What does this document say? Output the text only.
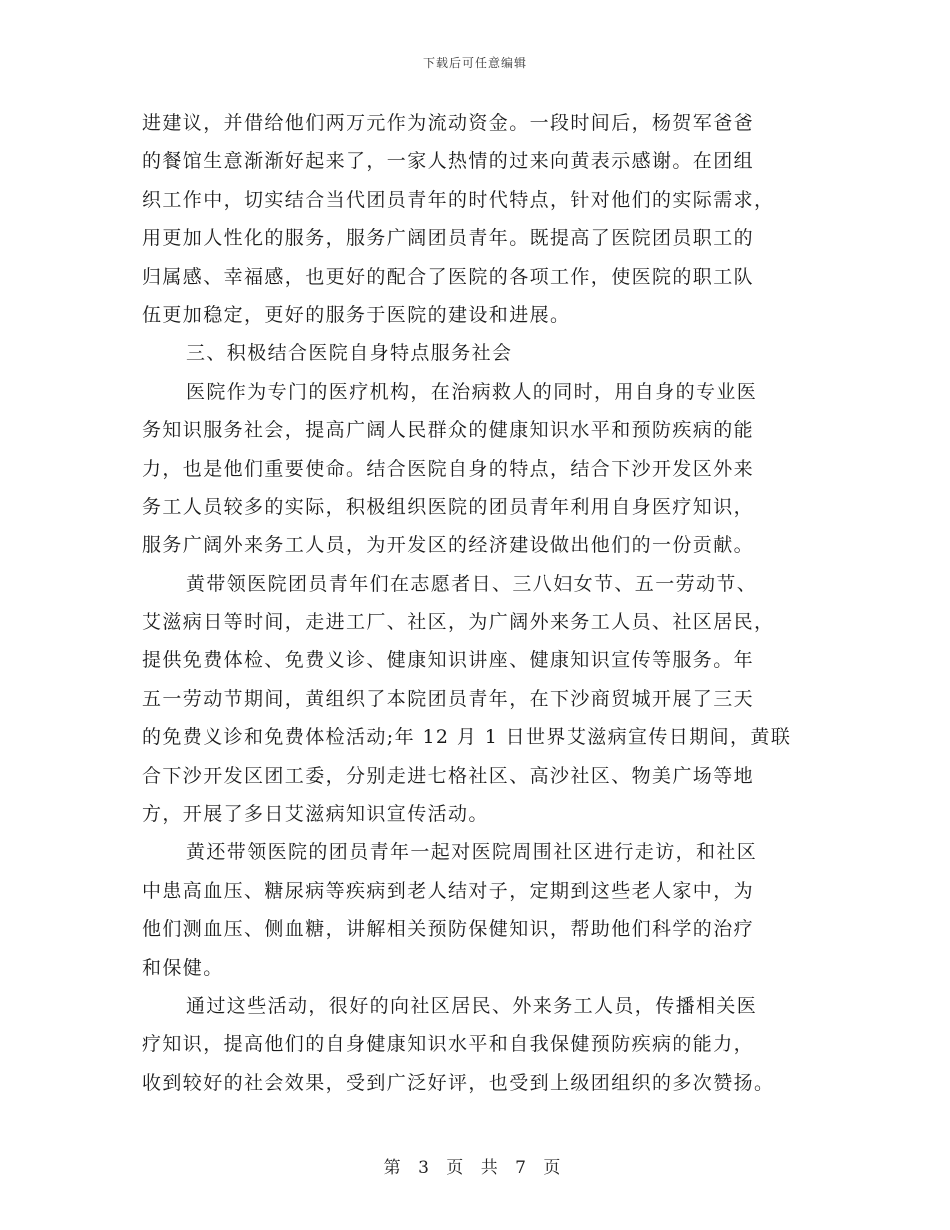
下载后可任意编辑
进建议，并借给他们两万元作为流动资金。一段时间后，杨贺军爸爸
的餐馆生意渐渐好起来了，一家人热情的过来向黄表示感谢。在团组
织工作中，切实结合当代团员青年的时代特点，针对他们的实际需求，
用更加人性化的服务，服务广阔团员青年。既提高了医院团员职工的
归属感、幸福感，也更好的配合了医院的各项工作，使医院的职工队
伍更加稳定，更好的服务于医院的建设和进展。
三、积极结合医院自身特点服务社会
医院作为专门的医疗机构，在治病救人的同时，用自身的专业医
务知识服务社会，提高广阔人民群众的健康知识水平和预防疾病的能
力，也是他们重要使命。结合医院自身的特点，结合下沙开发区外来
务工人员较多的实际，积极组织医院的团员青年利用自身医疗知识，
服务广阔外来务工人员，为开发区的经济建设做出他们的一份贡献。
黄带领医院团员青年们在志愿者日、三八妇女节、五一劳动节、
艾滋病日等时间，走进工厂、社区，为广阔外来务工人员、社区居民，
提供免费体检、免费义诊、健康知识讲座、健康知识宣传等服务。年
五一劳动节期间，黄组织了本院团员青年，在下沙商贸城开展了三天
的免费义诊和免费体检活动;年 12 月 1 日世界艾滋病宣传日期间，黄联
合下沙开发区团工委，分别走进七格社区、高沙社区、物美广场等地
方，开展了多日艾滋病知识宣传活动。
黄还带领医院的团员青年一起对医院周围社区进行走访，和社区
中患高血压、糖尿病等疾病到老人结对子，定期到这些老人家中，为
他们测血压、侧血糖，讲解相关预防保健知识，帮助他们科学的治疗
和保健。
通过这些活动，很好的向社区居民、外来务工人员，传播相关医
疗知识，提高他们的自身健康知识水平和自我保健预防疾病的能力，
收到较好的社会效果，受到广泛好评，也受到上级团组织的多次赞扬。
第 3 页 共 7 页
